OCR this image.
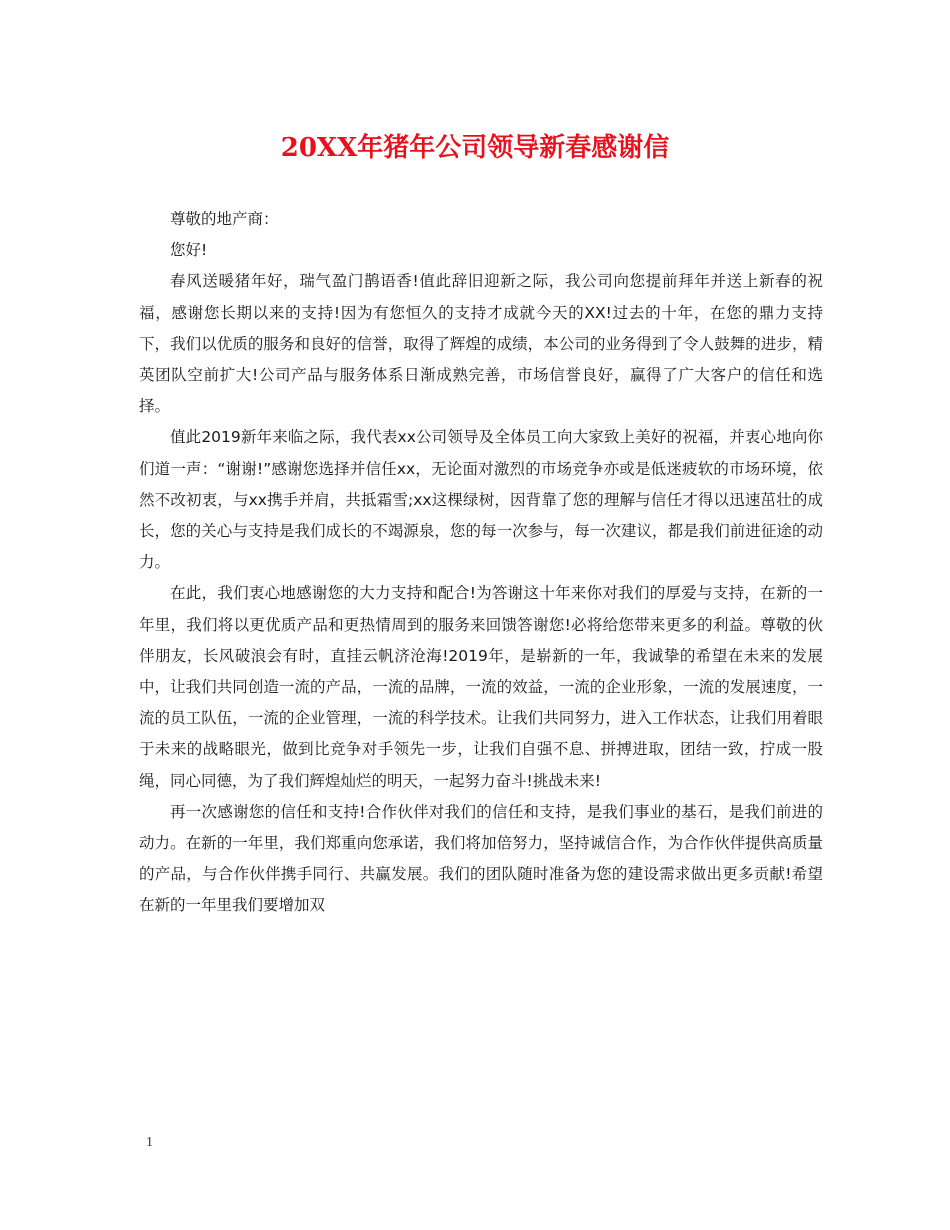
20XX年猪年公司领导新春感谢信

尊敬的地产商：

您好!

春风送暖猪年好，瑞气盈门鹊语香!值此辞旧迎新之际，我公司向您提前拜年并送上新春的祝福，感谢您长期以来的支持!因为有您恒久的支持才成就今天的XX!过去的十年，在您的鼎力支持下，我们以优质的服务和良好的信誉，取得了辉煌的成绩，本公司的业务得到了令人鼓舞的进步，精英团队空前扩大!公司产品与服务体系日渐成熟完善，市场信誉良好，赢得了广大客户的信任和选择。

值此2019新年来临之际，我代表xx公司领导及全体员工向大家致上美好的祝福，并衷心地向你们道一声：“谢谢!”感谢您选择并信任xx，无论面对激烈的市场竞争亦或是低迷疲软的市场环境，依然不改初衷，与xx携手并肩，共抵霜雪;xx这棵绿树，因背靠了您的理解与信任才得以迅速茁壮的成长，您的关心与支持是我们成长的不竭源泉，您的每一次参与，每一次建议，都是我们前进征途的动力。

在此，我们衷心地感谢您的大力支持和配合!为答谢这十年来你对我们的厚爱与支持，在新的一年里，我们将以更优质产品和更热情周到的服务来回馈答谢您!必将给您带来更多的利益。尊敬的伙伴朋友，长风破浪会有时，直挂云帆济沧海!2019年，是崭新的一年，我诚挚的希望在未来的发展中，让我们共同创造一流的产品，一流的品牌，一流的效益，一流的企业形象，一流的发展速度，一流的员工队伍，一流的企业管理，一流的科学技术。让我们共同努力，进入工作状态，让我们用着眼于未来的战略眼光，做到比竞争对手领先一步，让我们自强不息、拼搏进取，团结一致，拧成一股绳，同心同德，为了我们辉煌灿烂的明天，一起努力奋斗!挑战未来!

再一次感谢您的信任和支持!合作伙伴对我们的信任和支持，是我们事业的基石，是我们前进的动力。在新的一年里，我们郑重向您承诺，我们将加倍努力，坚持诚信合作，为合作伙伴提供高质量的产品，与合作伙伴携手同行、共赢发展。我们的团队随时准备为您的建设需求做出更多贡献!希望在新的一年里我们要增加双

1
